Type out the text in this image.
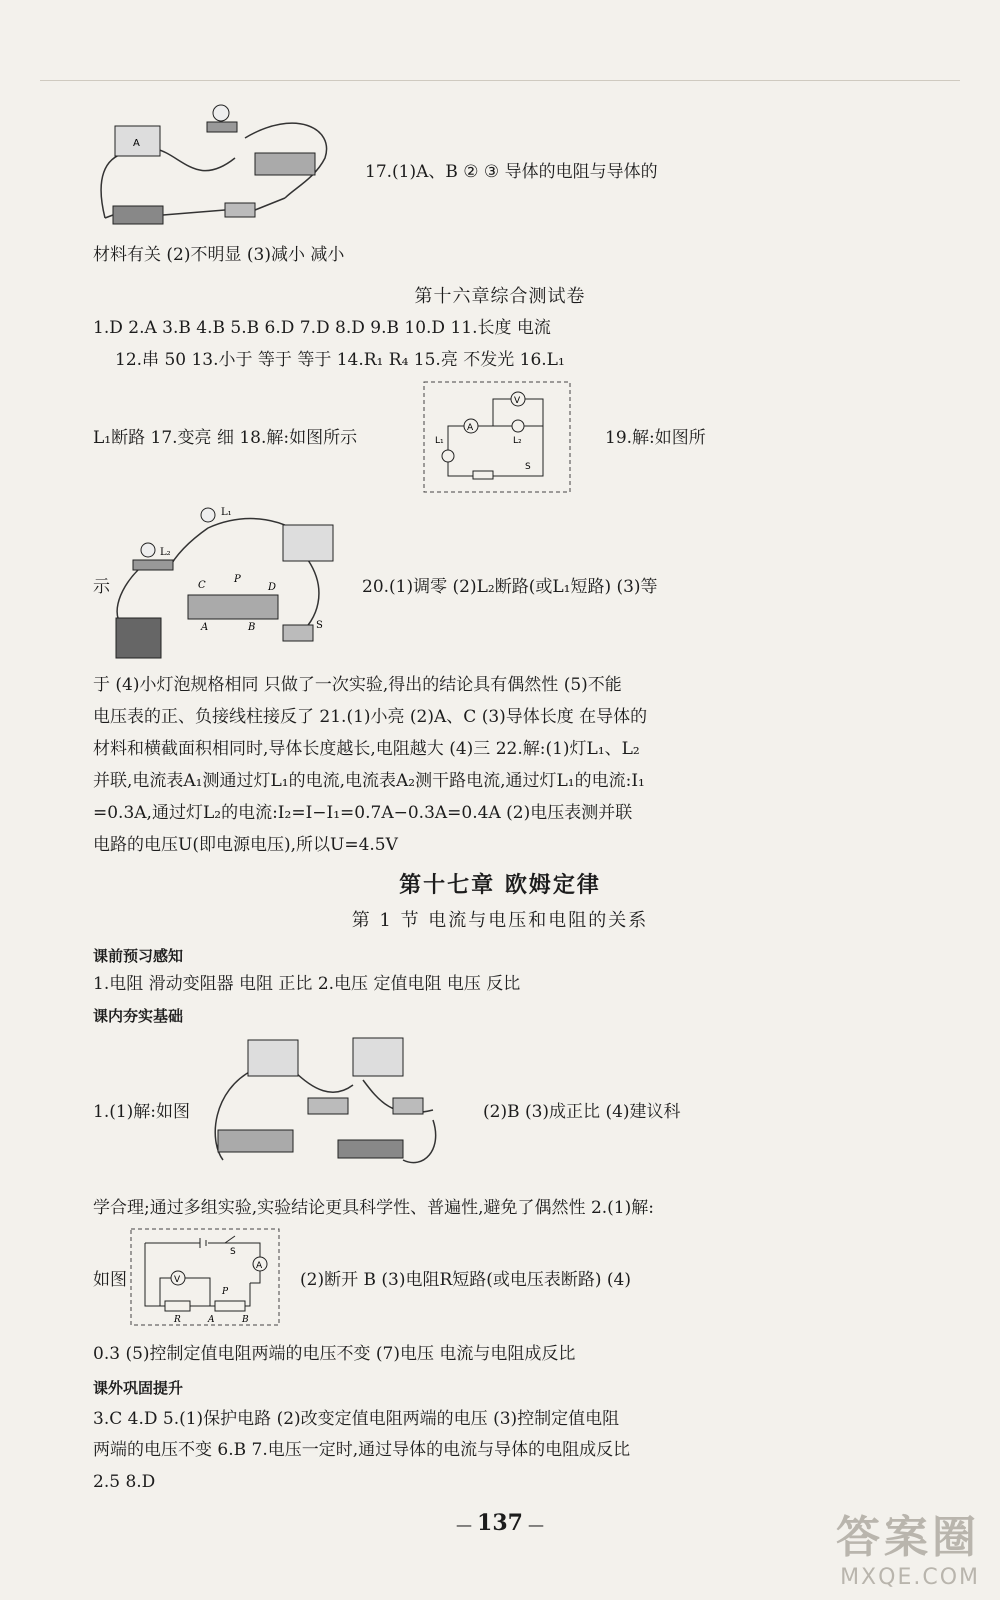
A
17.(1)A、B ② ③ 导体的电阻与导体的
材料有关 (2)不明显 (3)减小 减小
第十六章综合测试卷
1.D 2.A 3.B 4.B 5.B 6.D 7.D 8.D 9.B 10.D 11.长度 电流
12.串 50 13.小于 等于 等于 14.R₁ R₄ 15.亮 不发光 16.L₁
V
A
L₁	L₂
S
L₁断路 17.变亮 细 18.解:如图所示	19.解:如图所
L₁
L₂
C
P
D
A	B	S
示	20.(1)调零 (2)L₂断路(或L₁短路) (3)等
于 (4)小灯泡规格相同 只做了一次实验,得出的结论具有偶然性 (5)不能
电压表的正、负接线柱接反了 21.(1)小亮 (2)A、C (3)导体长度 在导体的
材料和横截面积相同时,导体长度越长,电阻越大 (4)三 22.解:(1)灯L₁、L₂
并联,电流表A₁测通过灯L₁的电流,电流表A₂测干路电流,通过灯L₁的电流:I₁
=0.3A,通过灯L₂的电流:I₂=I−I₁=0.7A−0.3A=0.4A (2)电压表测并联
电路的电压U(即电源电压),所以U=4.5V
第十七章 欧姆定律
第 1 节 电流与电压和电阻的关系
课前预习感知
1.电阻 滑动变阻器 电阻 正比 2.电压 定值电阻 电压 反比
课内夯实基础
1.(1)解:如图	(2)B (3)成正比 (4)建议科
学合理;通过多组实验,实验结论更具科学性、普遍性,避免了偶然性 2.(1)解:
S
A
V
P
R	A	B
如图	(2)断开 B (3)电阻R短路(或电压表断路) (4)
0.3 (5)控制定值电阻两端的电压不变 (7)电压 电流与电阻成反比
课外巩固提升
3.C 4.D 5.(1)保护电路 (2)改变定值电阻两端的电压 (3)控制定值电阻
两端的电压不变 6.B 7.电压一定时,通过导体的电流与导体的电阻成反比
2.5 8.D
— 137 —	答案圈
MXQE.COM
